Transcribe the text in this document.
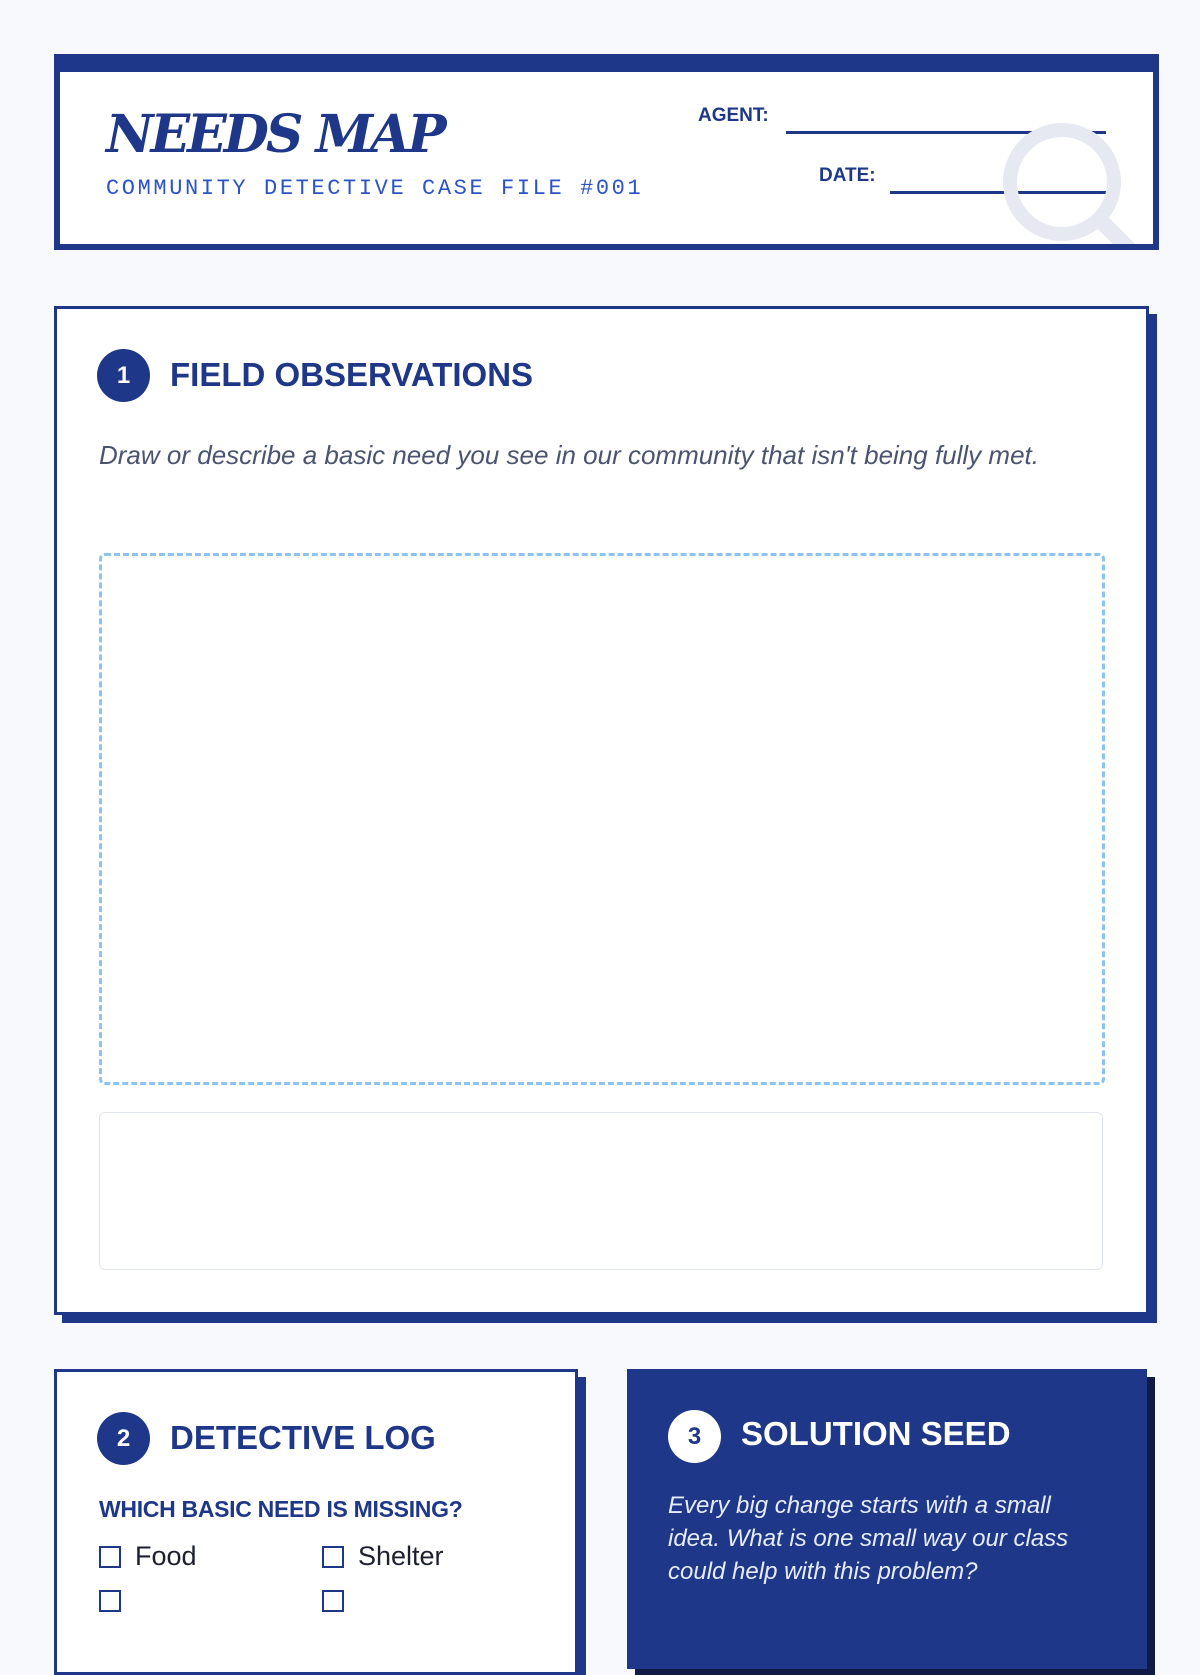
NEEDS MAP
COMMUNITY DETECTIVE CASE FILE #001
AGENT:
DATE:
1	FIELD OBSERVATIONS

Draw or describe a basic need you see in our community that isn't being fully met.

2	DETECTIVE LOG
WHICH BASIC NEED IS MISSING?
Food	Shelter
3	SOLUTION SEED

Every big change starts with a small idea. What is one small way our class could help with this problem?
